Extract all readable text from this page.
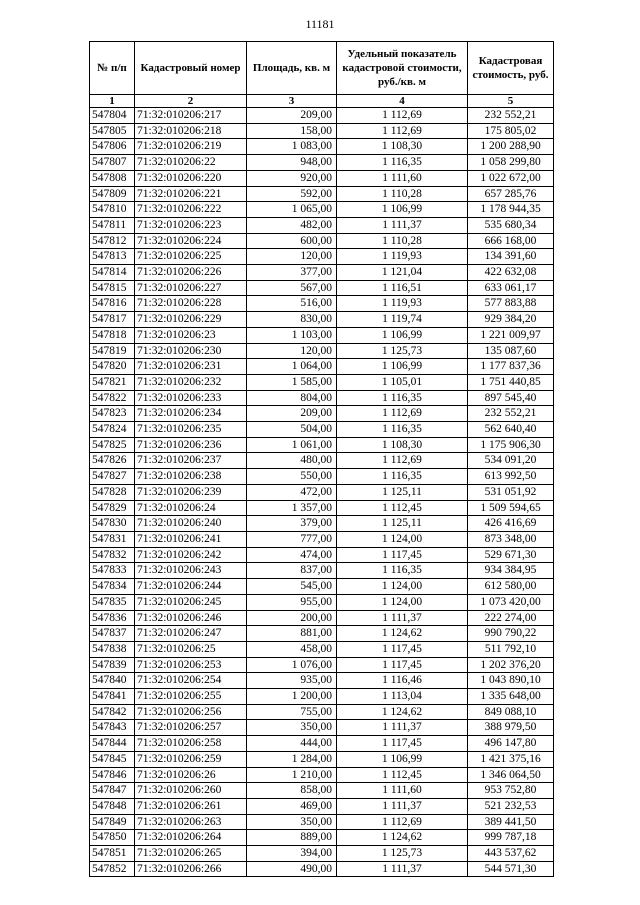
11181
№ п/п	Кадастровый номер	Площадь, кв. м	Удельный показатель кадастровой стоимости, руб./кв. м	Кадастровая стоимость, руб.
1	2	3	4	5
547804	71:32:010206:217	209,00	1 112,69	232 552,21
547805	71:32:010206:218	158,00	1 112,69	175 805,02
547806	71:32:010206:219	1 083,00	1 108,30	1 200 288,90
547807	71:32:010206:22	948,00	1 116,35	1 058 299,80
547808	71:32:010206:220	920,00	1 111,60	1 022 672,00
547809	71:32:010206:221	592,00	1 110,28	657 285,76
547810	71:32:010206:222	1 065,00	1 106,99	1 178 944,35
547811	71:32:010206:223	482,00	1 111,37	535 680,34
547812	71:32:010206:224	600,00	1 110,28	666 168,00
547813	71:32:010206:225	120,00	1 119,93	134 391,60
547814	71:32:010206:226	377,00	1 121,04	422 632,08
547815	71:32:010206:227	567,00	1 116,51	633 061,17
547816	71:32:010206:228	516,00	1 119,93	577 883,88
547817	71:32:010206:229	830,00	1 119,74	929 384,20
547818	71:32:010206:23	1 103,00	1 106,99	1 221 009,97
547819	71:32:010206:230	120,00	1 125,73	135 087,60
547820	71:32:010206:231	1 064,00	1 106,99	1 177 837,36
547821	71:32:010206:232	1 585,00	1 105,01	1 751 440,85
547822	71:32:010206:233	804,00	1 116,35	897 545,40
547823	71:32:010206:234	209,00	1 112,69	232 552,21
547824	71:32:010206:235	504,00	1 116,35	562 640,40
547825	71:32:010206:236	1 061,00	1 108,30	1 175 906,30
547826	71:32:010206:237	480,00	1 112,69	534 091,20
547827	71:32:010206:238	550,00	1 116,35	613 992,50
547828	71:32:010206:239	472,00	1 125,11	531 051,92
547829	71:32:010206:24	1 357,00	1 112,45	1 509 594,65
547830	71:32:010206:240	379,00	1 125,11	426 416,69
547831	71:32:010206:241	777,00	1 124,00	873 348,00
547832	71:32:010206:242	474,00	1 117,45	529 671,30
547833	71:32:010206:243	837,00	1 116,35	934 384,95
547834	71:32:010206:244	545,00	1 124,00	612 580,00
547835	71:32:010206:245	955,00	1 124,00	1 073 420,00
547836	71:32:010206:246	200,00	1 111,37	222 274,00
547837	71:32:010206:247	881,00	1 124,62	990 790,22
547838	71:32:010206:25	458,00	1 117,45	511 792,10
547839	71:32:010206:253	1 076,00	1 117,45	1 202 376,20
547840	71:32:010206:254	935,00	1 116,46	1 043 890,10
547841	71:32:010206:255	1 200,00	1 113,04	1 335 648,00
547842	71:32:010206:256	755,00	1 124,62	849 088,10
547843	71:32:010206:257	350,00	1 111,37	388 979,50
547844	71:32:010206:258	444,00	1 117,45	496 147,80
547845	71:32:010206:259	1 284,00	1 106,99	1 421 375,16
547846	71:32:010206:26	1 210,00	1 112,45	1 346 064,50
547847	71:32:010206:260	858,00	1 111,60	953 752,80
547848	71:32:010206:261	469,00	1 111,37	521 232,53
547849	71:32:010206:263	350,00	1 112,69	389 441,50
547850	71:32:010206:264	889,00	1 124,62	999 787,18
547851	71:32:010206:265	394,00	1 125,73	443 537,62
547852	71:32:010206:266	490,00	1 111,37	544 571,30
